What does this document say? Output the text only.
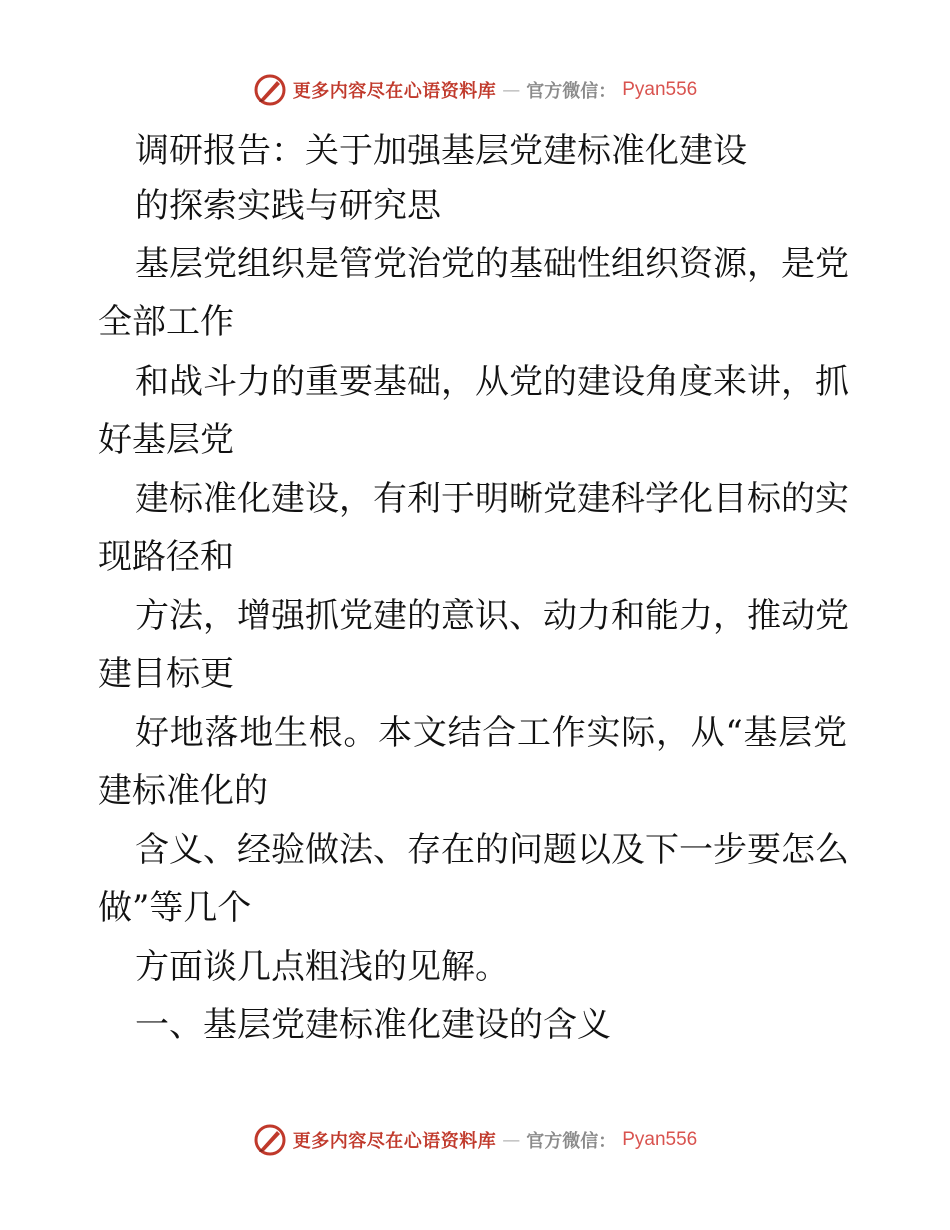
更多内容尽在心语资料库 — 官方微信： Pyan556
调研报告：关于加强基层党建标准化建设
的探索实践与研究思
基层党组织是管党治党的基础性组织资源，是党
全部工作
和战斗力的重要基础，从党的建设角度来讲，抓
好基层党
建标准化建设，有利于明晰党建科学化目标的实
现路径和
方法，增强抓党建的意识、动力和能力，推动党
建目标更
好地落地生根。本文结合工作实际，从“基层党
建标准化的
含义、经验做法、存在的问题以及下一步要怎么
做”等几个
方面谈几点粗浅的见解。
一、基层党建标准化建设的含义
更多内容尽在心语资料库 — 官方微信： Pyan556
